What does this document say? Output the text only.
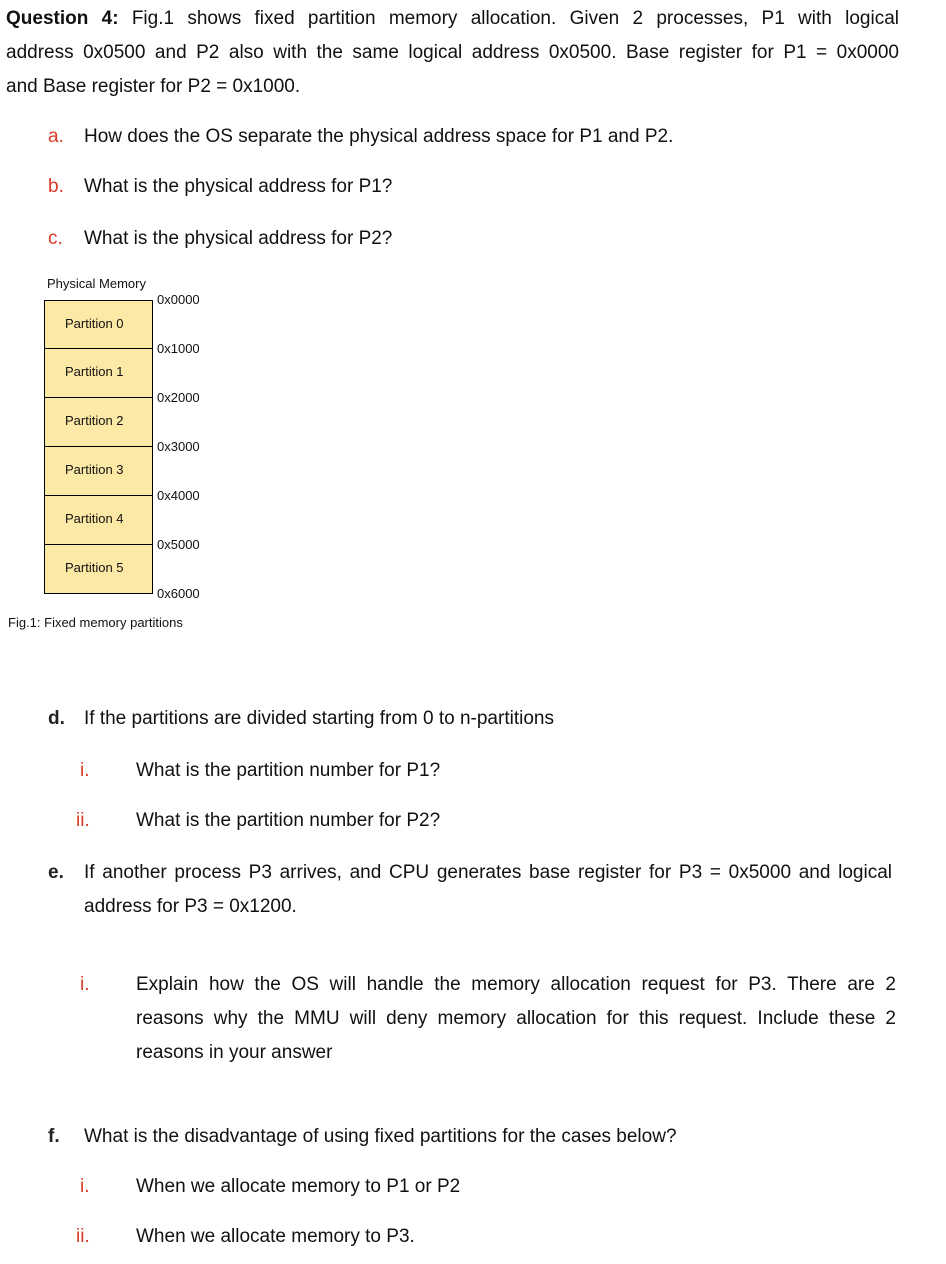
Question 4: Fig.1 shows fixed partition memory allocation. Given 2 processes, P1 with logical
address 0x0500 and P2 also with the same logical address 0x0500. Base register for P1 = 0x0000
and Base register for P2 = 0x1000.
a. How does the OS separate the physical address space for P1 and P2.
b. What is the physical address for P1?
c. What is the physical address for P2?
Physical Memory
Partition 0
Partition 1
Partition 2
Partition 3
Partition 4
Partition 5
0x0000
0x1000
0x2000
0x3000
0x4000
0x5000
0x6000
Fig.1: Fixed memory partitions
d. If the partitions are divided starting from 0 to n-partitions
i. What is the partition number for P1?
ii. What is the partition number for P2?
e. If another process P3 arrives, and CPU generates base register for P3 = 0x5000 and logical
address for P3 = 0x1200.
i. Explain how the OS will handle the memory allocation request for P3. There are 2
reasons why the MMU will deny memory allocation for this request. Include these 2
reasons in your answer
f. What is the disadvantage of using fixed partitions for the cases below?
i. When we allocate memory to P1 or P2
ii. When we allocate memory to P3.
